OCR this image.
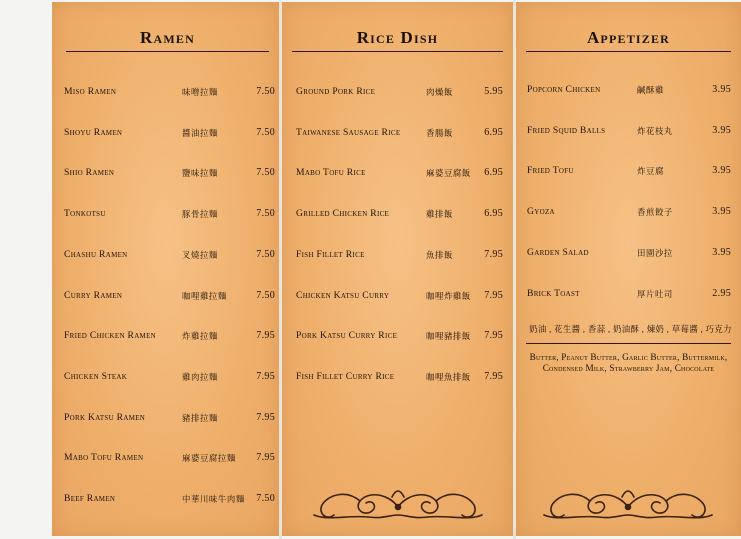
Ramen
Miso Ramen	味噌拉麵	7.50
Shoyu Ramen	醬油拉麵	7.50
Shio Ramen	鹽味拉麵	7.50
Tonkotsu	豚骨拉麵	7.50
Chashu Ramen	叉燒拉麵	7.50
Curry Ramen	咖哩雞拉麵	7.50
Fried Chicken Ramen	炸雞拉麵	7.95
Chicken Steak	雞肉拉麵	7.95
Pork Katsu Ramen	豬排拉麵	7.95
Mabo Tofu Ramen	麻婆豆腐拉麵 7.95
Beef Ramen	中華川味牛肉麵 7.50
Rice Dish
Ground Pork Rice	肉燥飯	5.95
Taiwanese Sausage Rice	香腸飯	6.95
Mabo Tofu Rice	麻婆豆腐飯 6.95
Grilled Chicken Rice	雞排飯	6.95
Fish Fillet Rice	魚排飯	7.95
Chicken Katsu Curry	咖哩炸雞飯 7.95
Pork Katsu Curry Rice	咖哩豬排飯 7.95
Fish Fillet Curry Rice	咖哩魚排飯 7.95
Appetizer
Popcorn Chicken	鹹酥雞	3.95
Fried Squid Balls	炸花枝丸	3.95
Fried Tofu	炸豆腐	3.95
Gyoza	香煎餃子	3.95
Garden Salad	田園沙拉	3.95
Brick Toast	厚片吐司	2.95
奶油 , 花生醬 , 香蒜 , 奶油酥 , 煉奶 , 草莓醬 , 巧克力
Butter, Peanut Butter, Garlic Butter, Buttermilk, Condensed Milk, Strawberry Jam, Chocolate
